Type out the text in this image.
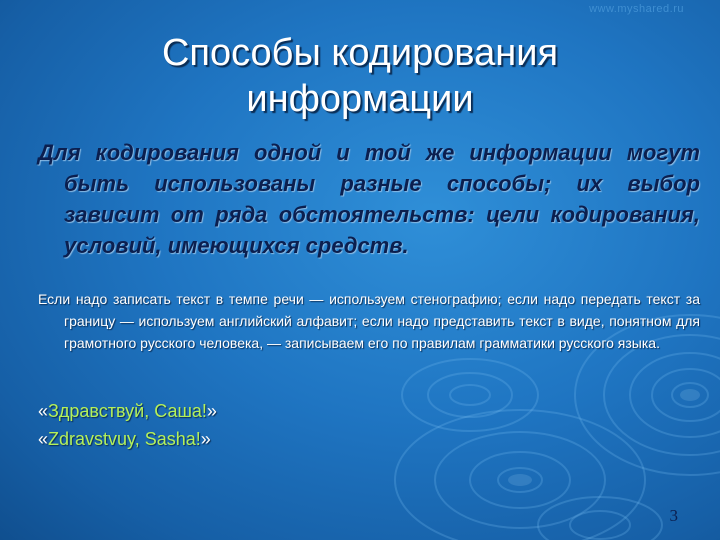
www.myshared.ru
Способы кодирования
информации

Для кодирования одной и той же информации могут быть использованы разные способы; их выбор зависит от ряда обстоятельств: цели кодирования, условий, имеющихся средств.

Если надо записать текст в темпе речи — используем стенографию; если надо передать текст за границу — используем английский алфавит; если надо представить текст в виде, понятном для грамотного русского человека, — записываем его по правилам грамматики русского языка.

«Здравствуй, Саша!»
«Zdravstvuy, Sasha!»
3
